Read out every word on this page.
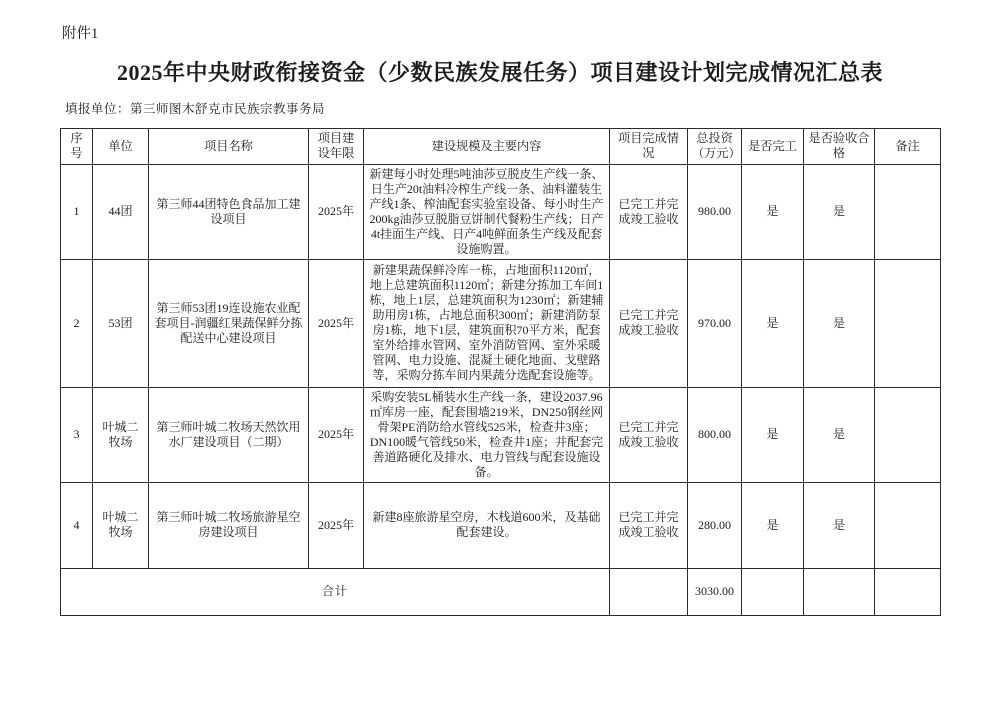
附件1
2025年中央财政衔接资金（少数民族发展任务）项目建设计划完成情况汇总表
填报单位：第三师图木舒克市民族宗教事务局
序号	单位	项目名称	项目建设年限	建设规模及主要内容	项目完成情况	总投资（万元）	是否完工	是否验收合格	备注
1	44团	第三师44团特色食品加工建设项目	2025年	新建每小时处理5吨油莎豆脱皮生产线一条、日生产20t油料冷榨生产线一条、油料灌装生产线1条、榨油配套实验室设备、每小时生产200kg油莎豆脱脂豆饼制代餐粉生产线；日产4t挂面生产线、日产4吨鲜面条生产线及配套设施购置。	已完工并完成竣工验收	980.00	是	是	
2	53团	第三师53团19连设施农业配套项目-润疆红果蔬保鲜分拣配送中心建设项目	2025年	新建果蔬保鲜冷库一栋，占地面积1120㎡，地上总建筑面积1120㎡；新建分拣加工车间1栋，地上1层，总建筑面积为1230㎡；新建辅助用房1栋，占地总面积300㎡；新建消防泵房1栋，地下1层，建筑面积70平方米，配套室外给排水管网、室外消防管网、室外采暖管网、电力设施、混凝土硬化地面、戈壁路等，采购分拣车间内果蔬分选配套设施等。	已完工并完成竣工验收	970.00	是	是	
3	叶城二牧场	第三师叶城二牧场天然饮用水厂建设项目（二期）	2025年	采购安装5L桶装水生产线一条，建设2037.96㎡库房一座，配套围墙219米，DN250钢丝网骨架PE消防给水管线525米，检查井3座；DN100暖气管线50米，检查井1座；并配套完善道路硬化及排水、电力管线与配套设施设备。	已完工并完成竣工验收	800.00	是	是	
4	叶城二牧场	第三师叶城二牧场旅游星空房建设项目	2025年	新建8座旅游星空房，木栈道600米，及基础配套建设。	已完工并完成竣工验收	280.00	是	是	
合计						3030.00			
